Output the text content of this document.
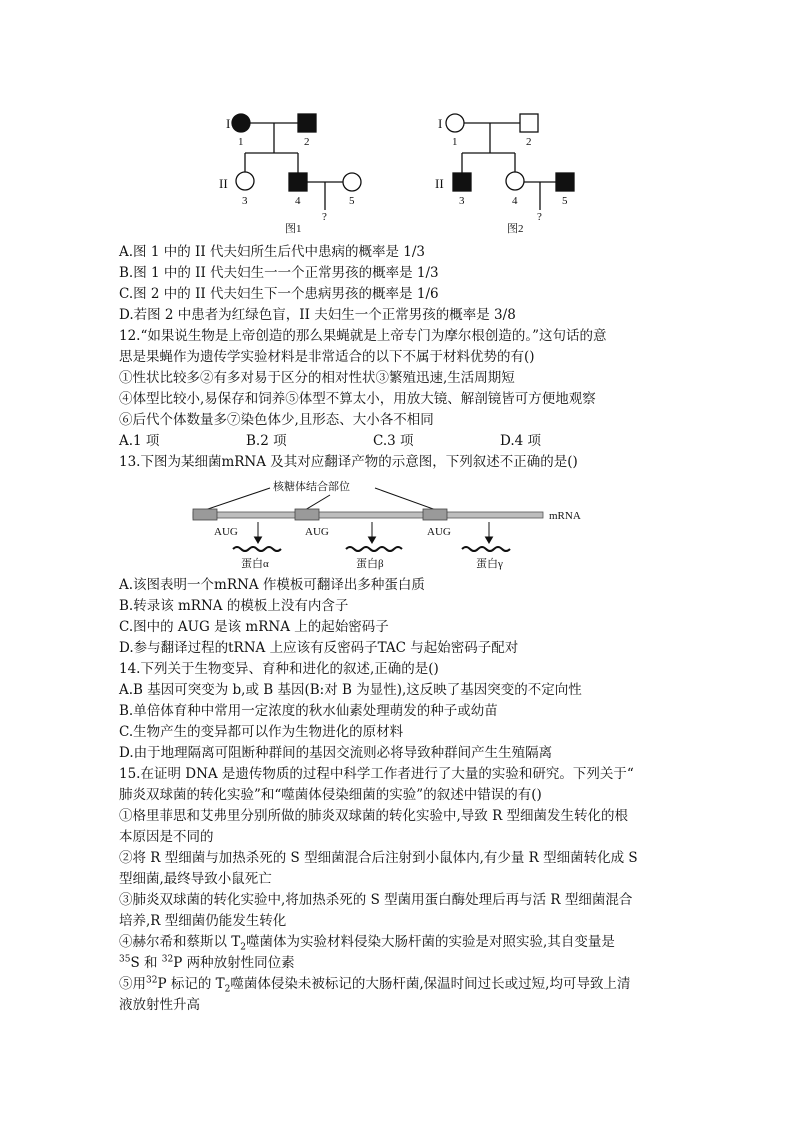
I
1	2
II
3	4	5
?
图1
I
1	2
II
3	4	5
?
图2
A.图 1 中的 II 代夫妇所生后代中患病的概率是 1/3
B.图 1 中的 II 代夫妇生一一个正常男孩的概率是 1/3
C.图 2 中的 II 代夫妇生下一个患病男孩的概率是 1/6
D.若图 2 中患者为红绿色盲，II 夫妇生一个正常男孩的概率是 3/8
12.“如果说生物是上帝创造的那么果蝇就是上帝专门为摩尔根创造的。”这句话的意
思是果蝇作为遗传学实验材料是非常适合的以下不属于材料优势的有()
①性状比较多②有多对易于区分的相对性状③繁殖迅速,生活周期短
④体型比较小,易保存和饲养⑤体型不算太小，用放大镜、解剖镜皆可方便地观察
⑥后代个体数量多⑦染色体少,且形态、大小各不相同
A.1 项	B.2 项	C.3 项	D.4 项
13.下图为某细菌mRNA 及其对应翻译产物的示意图，下列叙述不正确的是()
核糖体结合部位
mRNA
AUG	AUG	AUG
蛋白α	蛋白β	蛋白γ
A.该图表明一个mRNA 作模板可翻译出多种蛋白质
B.转录该 mRNA 的模板上没有内含子
C.图中的 AUG 是该 mRNA 上的起始密码子
D.参与翻译过程的tRNA 上应该有反密码子TAC 与起始密码子配对
14.下列关于生物变异、育种和进化的叙述,正确的是()
A.B 基因可突变为 b,或 B 基因(B:对 B 为显性),这反映了基因突变的不定向性
B.单倍体育种中常用一定浓度的秋水仙素处理萌发的种子或幼苗
C.生物产生的变异都可以作为生物进化的原材料
D.由于地理隔离可阻断种群间的基因交流则必将导致种群间产生生殖隔离
15.在证明 DNA 是遗传物质的过程中科学工作者进行了大量的实验和研究。下列关于“
肺炎双球菌的转化实验”和“噬菌体侵染细菌的实验”的叙述中错误的有()
①格里菲思和艾弗里分别所做的肺炎双球菌的转化实验中,导致 R 型细菌发生转化的根
本原因是不同的
②将 R 型细菌与加热杀死的 S 型细菌混合后注射到小鼠体内,有少量 R 型细菌转化成 S
型细菌,最终导致小鼠死亡
③肺炎双球菌的转化实验中,将加热杀死的 S 型菌用蛋白酶处理后再与活 R 型细菌混合
培养,R 型细菌仍能发生转化
④赫尔希和蔡斯以 $T_2$噬菌体为实验材料侵染大肠杆菌的实验是对照实验,其自变量是
$^{35}$S 和 $^{32}$P 两种放射性同位素
⑤用$^{32}$P 标记的 $T_2$噬菌体侵染未被标记的大肠杆菌,保温时间过长或过短,均可导致上清
液放射性升高
